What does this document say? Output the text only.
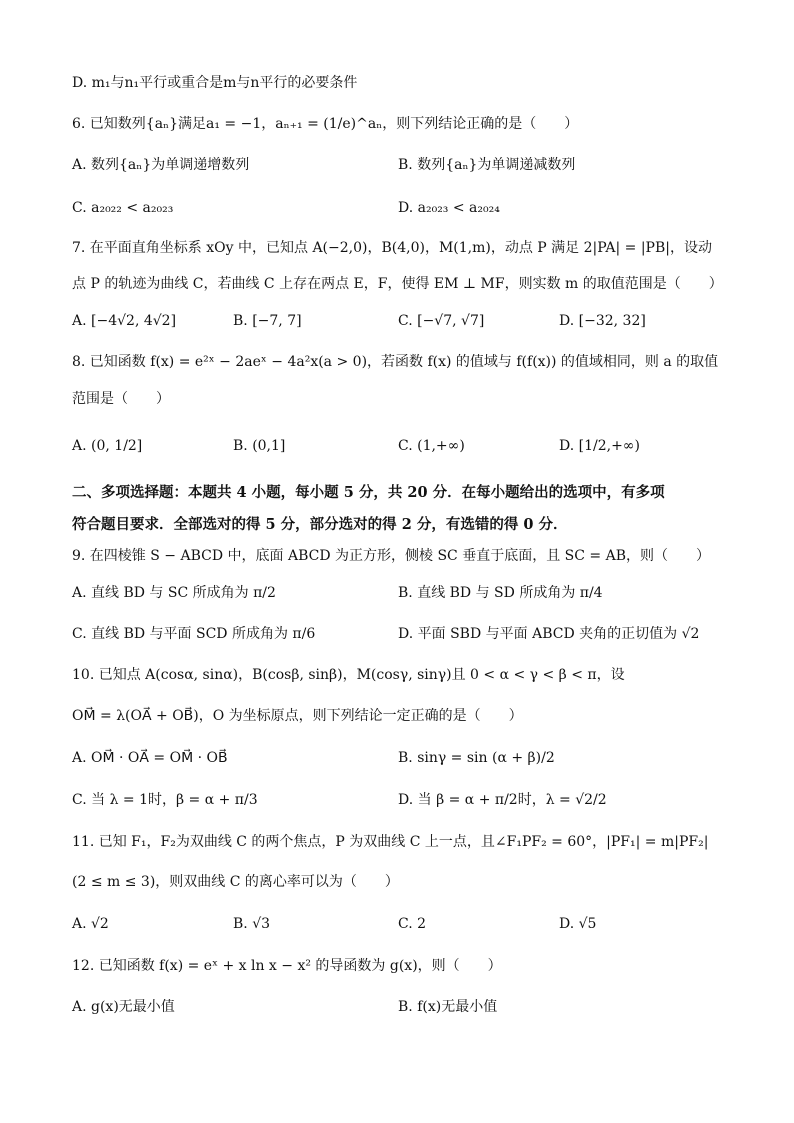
D. m₁与n₁平行或重合是m与n平行的必要条件
6. 已知数列{aₙ}满足a₁ = −1，aₙ₊₁ = (1/e)^aₙ，则下列结论正确的是（　　）
A. 数列{aₙ}为单调递增数列	B. 数列{aₙ}为单调递减数列
C. a₂₀₂₂ < a₂₀₂₃	D. a₂₀₂₃ < a₂₀₂₄
7. 在平面直角坐标系 xOy 中，已知点 A(−2,0)，B(4,0)，M(1,m)，动点 P 满足 2|PA| = |PB|，设动
点 P 的轨迹为曲线 C，若曲线 C 上存在两点 E，F，使得 EM ⊥ MF，则实数 m 的取值范围是（　　）
A. [−4√2, 4√2]	B. [−7, 7]	C. [−√7, √7]	D. [−32, 32]
8. 已知函数 f(x) = e²ˣ − 2aeˣ − 4a²x(a > 0)，若函数 f(x) 的值域与 f(f(x)) 的值域相同，则 a 的取值
范围是（　　）
A. (0, 1/2]	B. (0,1]	C. (1,+∞)	D. [1/2,+∞)
二、多项选择题：本题共 4 小题，每小题 5 分，共 20 分．在每小题给出的选项中，有多项
符合题目要求．全部选对的得 5 分，部分选对的得 2 分，有选错的得 0 分．
9. 在四棱锥 S − ABCD 中，底面 ABCD 为正方形，侧棱 SC 垂直于底面，且 SC = AB，则（　　）
A. 直线 BD 与 SC 所成角为 π/2	B. 直线 BD 与 SD 所成角为 π/4
C. 直线 BD 与平面 SCD 所成角为 π/6	D. 平面 SBD 与平面 ABCD 夹角的正切值为 √2
10. 已知点 A(cosα, sinα)，B(cosβ, sinβ)，M(cosγ, sinγ)且 0 < α < γ < β < π，设
OM⃗ = λ(OA⃗ + OB⃗)，O 为坐标原点，则下列结论一定正确的是（　　）
A. OM⃗ · OA⃗ = OM⃗ · OB⃗	B. sinγ = sin (α + β)/2
C. 当 λ = 1时，β = α + π/3	D. 当 β = α + π/2时，λ = √2/2
11. 已知 F₁，F₂为双曲线 C 的两个焦点，P 为双曲线 C 上一点，且∠F₁PF₂ = 60°，|PF₁| = m|PF₂|
(2 ≤ m ≤ 3)，则双曲线 C 的离心率可以为（　　）
A. √2	B. √3	C. 2	D. √5
12. 已知函数 f(x) = eˣ + x ln x − x² 的导函数为 g(x)，则（　　）
A. g(x)无最小值	B. f(x)无最小值
